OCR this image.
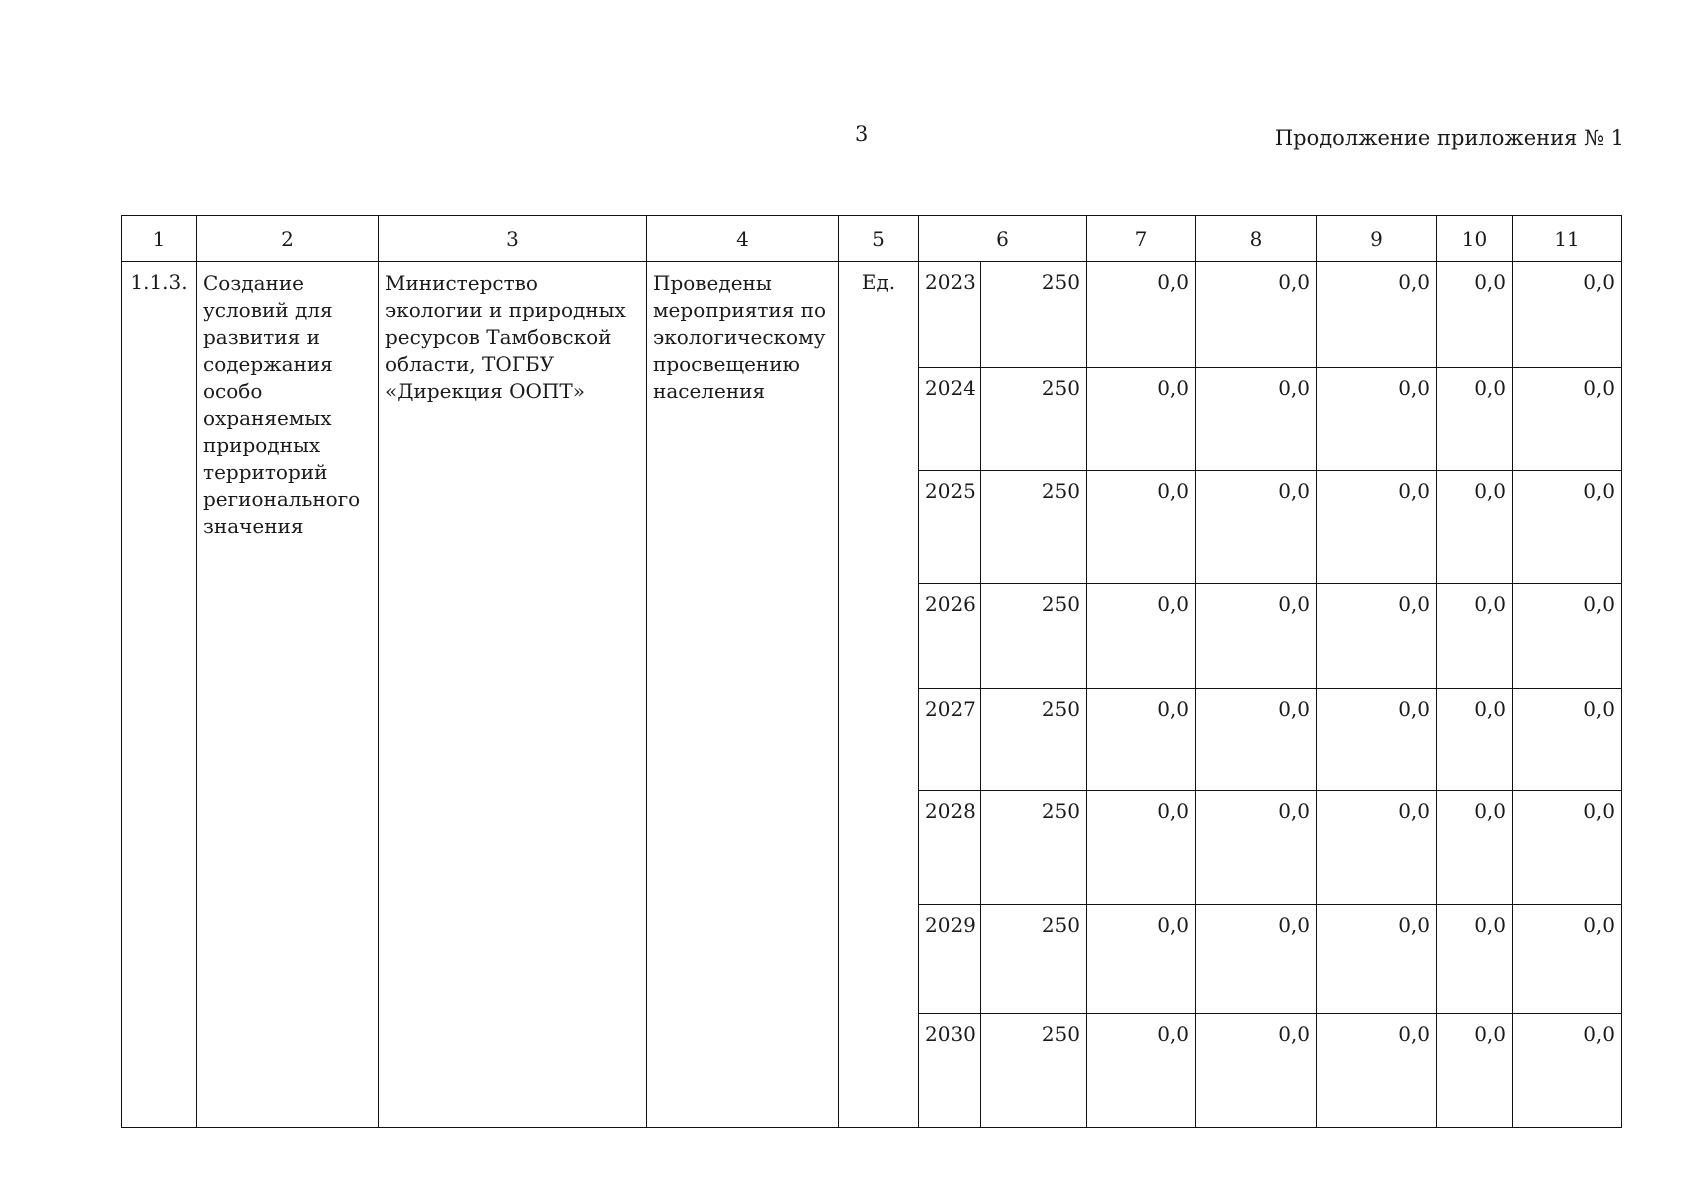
3	Продолжение приложения № 1
1	2	3	4	5	6		7	8	9	10	11
1.1.3.	Создание условий для развития и содержания особо охраняемых природных территорий регионального значения	Министерство экологии и природных ресурсов Тамбовской области, ТОГБУ «Дирекция ООПТ»	Проведены мероприятия по экологическому просвещению населения	Ед.	2023	250	0,0	0,0	0,0	0,0	0,0
					2024	250	0,0	0,0	0,0	0,0	0,0
					2025	250	0,0	0,0	0,0	0,0	0,0
					2026	250	0,0	0,0	0,0	0,0	0,0
					2027	250	0,0	0,0	0,0	0,0	0,0
					2028	250	0,0	0,0	0,0	0,0	0,0
					2029	250	0,0	0,0	0,0	0,0	0,0
					2030	250	0,0	0,0	0,0	0,0	0,0
